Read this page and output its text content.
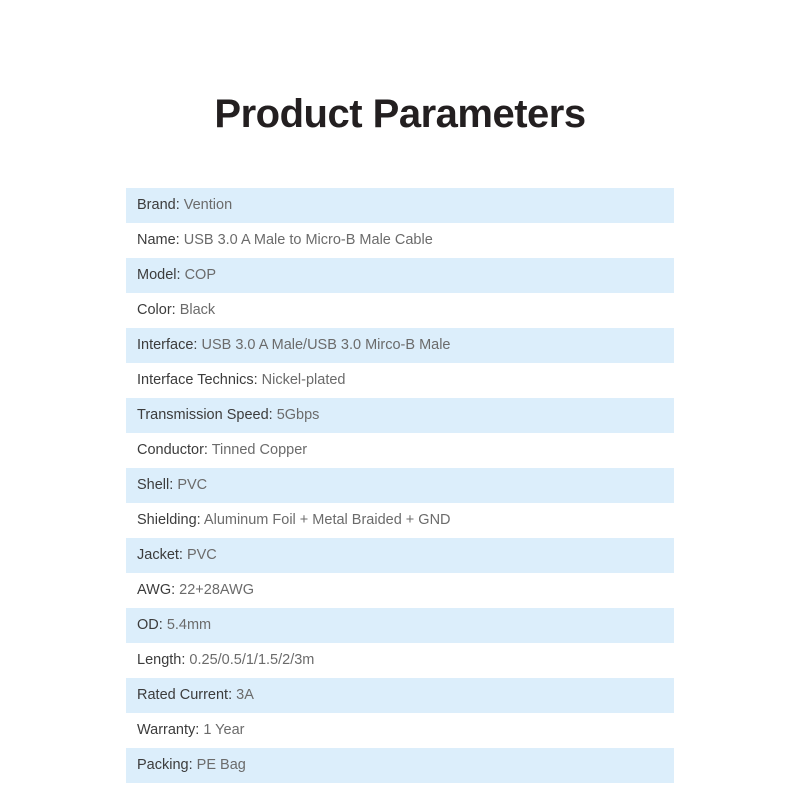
Product Parameters
Brand: Vention
Name: USB 3.0 A Male to Micro-B Male Cable
Model: COP
Color: Black
Interface: USB 3.0 A Male/USB 3.0 Mirco-B Male
Interface Technics: Nickel-plated
Transmission Speed: 5Gbps
Conductor: Tinned Copper
Shell: PVC
Shielding: Aluminum Foil + Metal Braided + GND
Jacket: PVC
AWG: 22+28AWG
OD: 5.4mm
Length: 0.25/0.5/1/1.5/2/3m
Rated Current: 3A
Warranty: 1 Year
Packing: PE Bag
